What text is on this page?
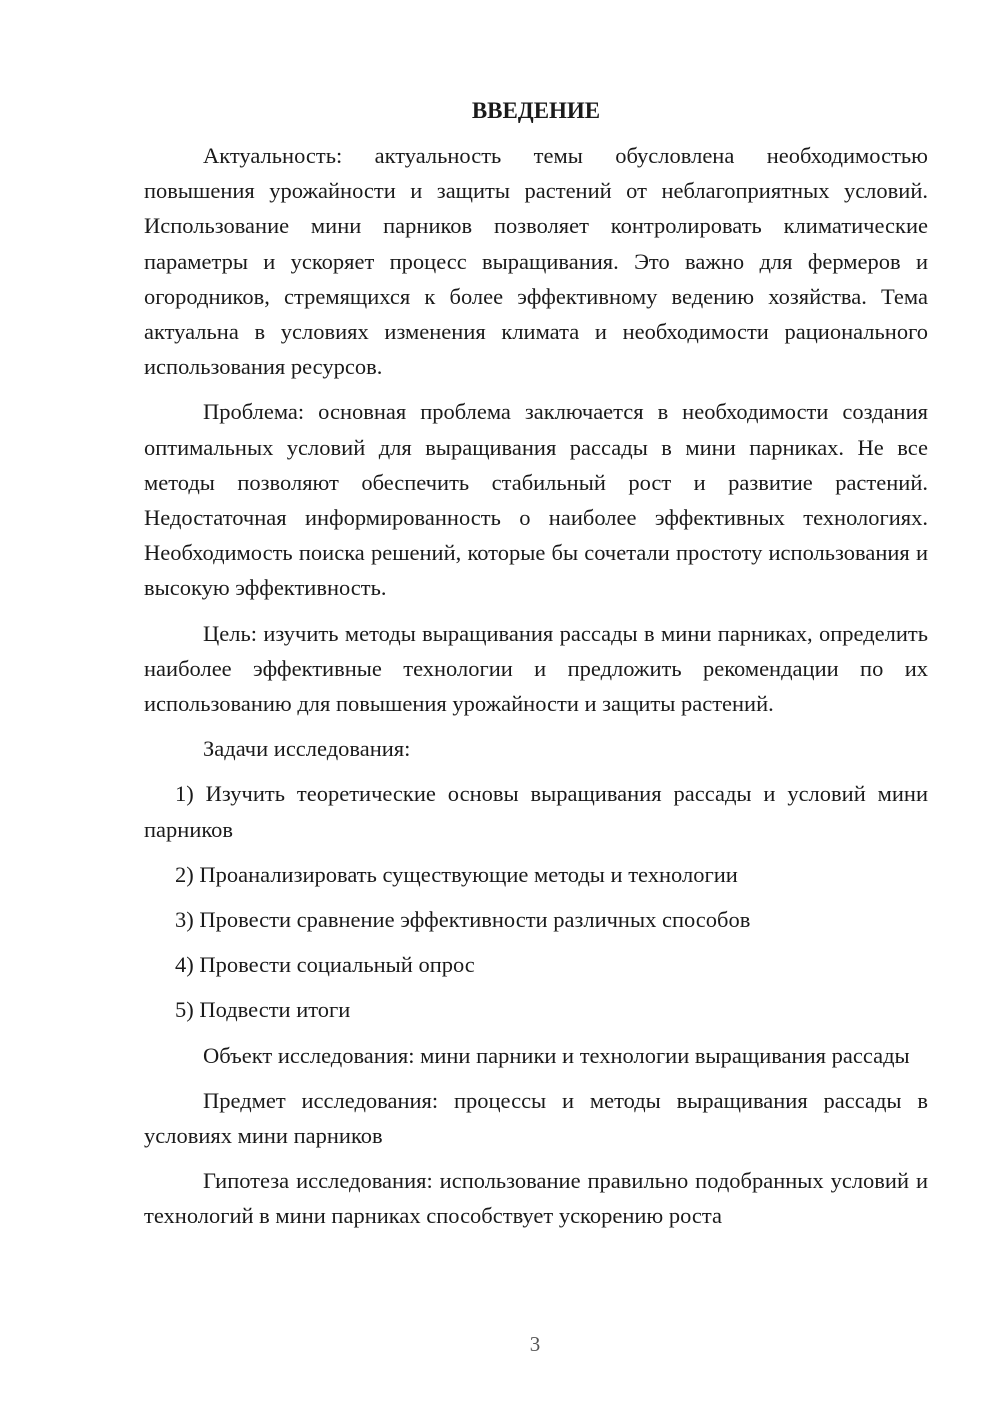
ВВЕДЕНИЕ

Актуальность: актуальность темы обусловлена необходимостью повышения урожайности и защиты растений от неблагоприятных условий. Использование мини парников позволяет контролировать климатические параметры и ускоряет процесс выращивания. Это важно для фермеров и огородников, стремящихся к более эффективному ведению хозяйства. Тема актуальна в условиях изменения климата и необходимости рационального использования ресурсов.

Проблема: основная проблема заключается в необходимости создания оптимальных условий для выращивания рассады в мини парниках. Не все методы позволяют обеспечить стабильный рост и развитие растений. Недостаточная информированность о наиболее эффективных технологиях. Необходимость поиска решений, которые бы сочетали простоту использования и высокую эффективность.

Цель: изучить методы выращивания рассады в мини парниках, определить наиболее эффективные технологии и предложить рекомендации по их использованию для повышения урожайности и защиты растений.

Задачи исследования:

1) Изучить теоретические основы выращивания рассады и условий мини парников

2) Проанализировать существующие методы и технологии

3) Провести сравнение эффективности различных способов

4) Провести социальный опрос

5) Подвести итоги

Объект исследования: мини парники и технологии выращивания рассады

Предмет исследования: процессы и методы выращивания рассады в условиях мини парников

Гипотеза исследования: использование правильно подобранных условий и технологий в мини парниках способствует ускорению роста

3
